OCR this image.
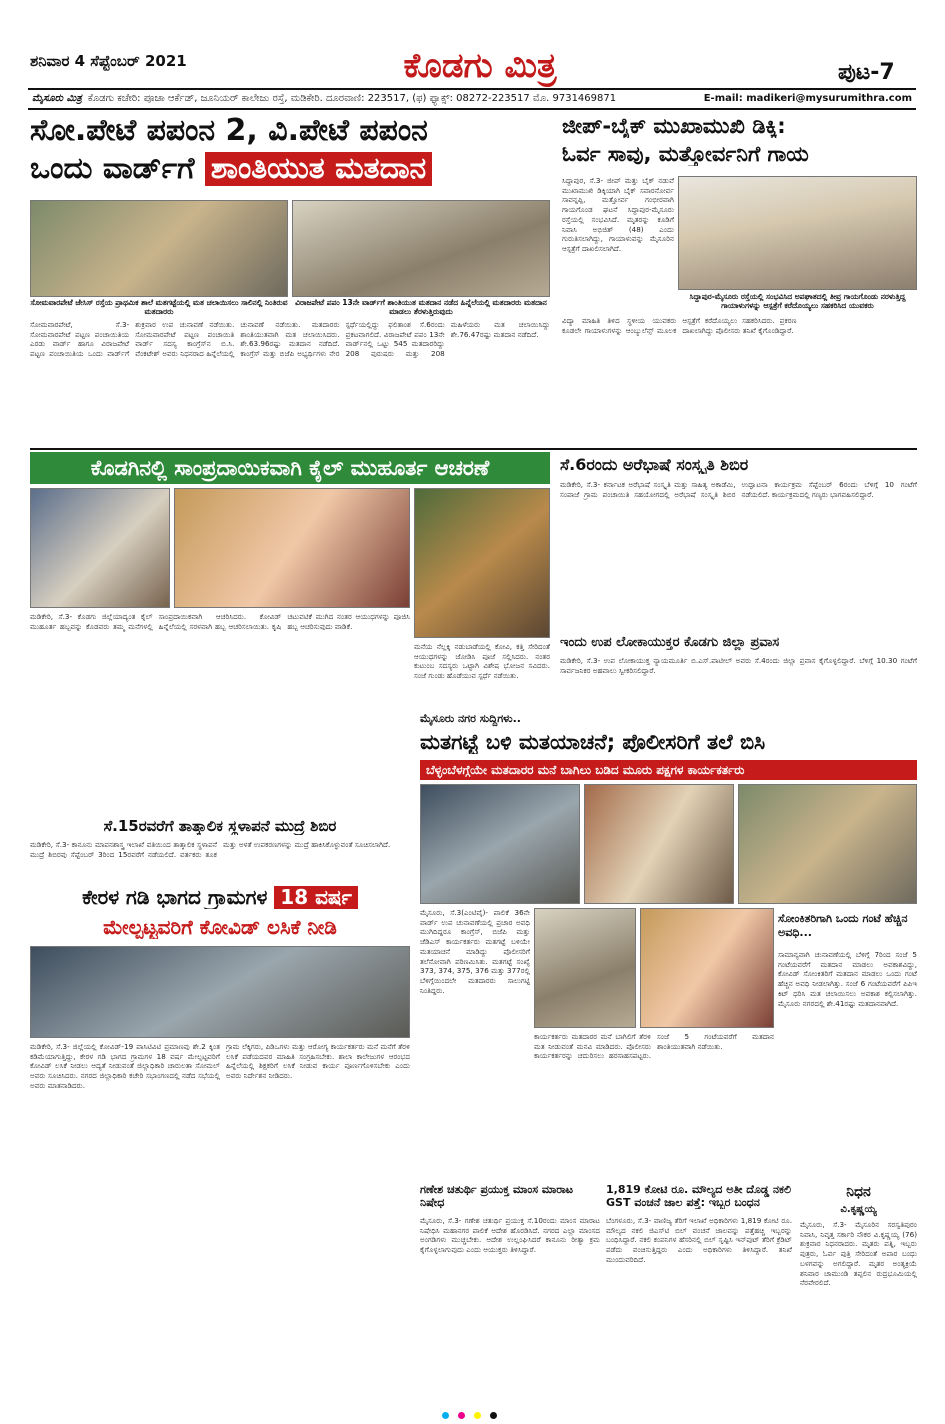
ಶನಿವಾರ 4 ಸೆಪ್ಟೆಂಬರ್ 2021	ಕೊಡಗು ಮಿತ್ರ	ಪುಟ-7
ಮೈಸೂರು ಮಿತ್ರ ಕೊಡಗು ಕಚೇರಿ: ಪೂಜಾ ಆರ್ಕೆಡ್, ಜೂನಿಯರ್ ಕಾಲೇಜು ರಸ್ತೆ, ಮಡಿಕೇರಿ. ದೂರವಾಣಿ: 223517, (ಫ) ಫ್ಯಾಕ್ಸ್: 08272-223517 ಮೊ. 9731469871	E-mail: madikeri@mysurumithra.com
ಸೋ.ಪೇಟೆ ಪಪಂನ 2, ವಿ.ಪೇಟೆ ಪಪಂನ
ಒಂದು ವಾರ್ಡ್‌ಗೆ ಶಾಂತಿಯುತ ಮತದಾನ
ಸೋಮವಾರಪೇಟೆ ಜೇಸಿಸ್ ರಸ್ತೆಯ ಪ್ರಾಥಮಿಕ ಶಾಲೆ ಮತಗಟ್ಟೆಯಲ್ಲಿ ಮತ ಚಲಾಯಿಸಲು ಸಾಲಿನಲ್ಲಿ ನಿಂತಿರುವ ಮತದಾರರು
ವಿರಾಜಪೇಟೆ ಪಪಂ 13ನೇ ವಾರ್ಡ್‌ಗೆ ಶಾಂತಿಯುತ ಮತದಾನ ನಡೆದ ಹಿನ್ನೆಲೆಯಲ್ಲಿ ಮತದಾರರು ಮತದಾನ ಮಾಡಲು ತೆರಳುತ್ತಿರುವುದು
ಸೋಮವಾರಪೇಟೆ, ಸೆ.3- ಸೋಮವಾರಪೇಟೆ ಪಟ್ಟಣ ಪಂಚಾಯಿತಿಯ ಎರಡು ವಾರ್ಡ್ ಹಾಗೂ ವಿರಾಜಪೇಟೆ ಪಟ್ಟಣ ಪಂಚಾಯಿತಿಯ ಒಂದು ವಾರ್ಡ್‌ಗೆ ಶುಕ್ರವಾರ ಉಪ ಚುನಾವಣೆ ನಡೆಯಿತು. ಸೋಮವಾರಪೇಟೆ ಪಟ್ಟಣ ಪಂಚಾಯಿತಿ ವಾರ್ಡ್ ಸದಸ್ಯ ಕಾಂಗ್ರೆಸ್‌ನ ಬಿ.ಸಿ. ವೆಂಕಟೇಶ್ ಅವರು ನಿಧನರಾದ ಹಿನ್ನೆಲೆಯಲ್ಲಿ ಚುನಾವಣೆ ನಡೆಯಿತು. ಮತದಾರರು ಶಾಂತಿಯುತವಾಗಿ ಮತ ಚಲಾಯಿಸಿದರು. ಶೇ.63.96ರಷ್ಟು ಮತದಾನ ನಡೆದಿದೆ. ಕಾಂಗ್ರೆಸ್ ಮತ್ತು ಬಿಜೆಪಿ ಅಭ್ಯರ್ಥಿಗಳು ನೇರ ಸ್ಪರ್ಧೆಯಲ್ಲಿದ್ದು ಫಲಿತಾಂಶ ಸೆ.6ರಂದು ಪ್ರಕಟವಾಗಲಿದೆ. ವಿರಾಜಪೇಟೆ ಪಪಂ 13ನೇ ವಾರ್ಡ್‌ನಲ್ಲಿ ಒಟ್ಟು 545 ಮತದಾರರಿದ್ದು 208 ಪುರುಷರು ಮತ್ತು 208 ಮಹಿಳೆಯರು ಮತ ಚಲಾಯಿಸಿದ್ದು ಶೇ.76.47ರಷ್ಟು ಮತದಾನ ನಡೆದಿದೆ.
ಜೀಪ್-ಬೈಕ್ ಮುಖಾಮುಖಿ ಡಿಕ್ಕಿ:
ಓರ್ವ ಸಾವು, ಮತ್ತೋರ್ವನಿಗೆ ಗಾಯ
ಸಿದ್ದಾಪುರ, ಸೆ.3- ಜೀಪ್ ಮತ್ತು ಬೈಕ್ ನಡುವೆ ಮುಖಾಮುಖಿ ಡಿಕ್ಕಿಯಾಗಿ ಬೈಕ್ ಸವಾರನೋರ್ವ ಸಾವನ್ನಪ್ಪಿ, ಮತ್ತೋರ್ವ ಗಂಭೀರವಾಗಿ ಗಾಯಗೊಂಡ ಘಟನೆ ಸಿದ್ದಾಪುರ-ಮೈಸೂರು ರಸ್ತೆಯಲ್ಲಿ ಸಂಭವಿಸಿದೆ. ಮೃತರನ್ನು ಕೂಡಿಗೆ ನಿವಾಸಿ ಅಭಿಜಿತ್ (48) ಎಂದು ಗುರುತಿಸಲಾಗಿದ್ದು, ಗಾಯಾಳುವನ್ನು ಮೈಸೂರಿನ ಆಸ್ಪತ್ರೆಗೆ ದಾಖಲಿಸಲಾಗಿದೆ.
ಸಿದ್ದಾಪುರ-ಮೈಸೂರು ರಸ್ತೆಯಲ್ಲಿ ಸಂಭವಿಸಿದ ಅಪಘಾತದಲ್ಲಿ ತೀವ್ರ ಗಾಯಗೊಂಡು ನರಳುತ್ತಿದ್ದ ಗಾಯಾಳುಗಳನ್ನು ಆಸ್ಪತ್ರೆಗೆ ಕರೆದೊಯ್ಯಲು ಸಹಕರಿಸಿದ ಯುವಕರು
ವಿದ್ಯಾ ಮಾಹಿತಿ ತಿಳಿದ ಸ್ಥಳೀಯ ಯುವಕರು ಕೂಡಲೇ ಗಾಯಾಳುಗಳನ್ನು ಆಂಬ್ಯುಲೆನ್ಸ್ ಮೂಲಕ ಆಸ್ಪತ್ರೆಗೆ ಕರೆದೊಯ್ಯಲು ಸಹಕರಿಸಿದರು. ಪ್ರಕರಣ ದಾಖಲಾಗಿದ್ದು ಪೊಲೀಸರು ತನಿಖೆ ಕೈಗೊಂಡಿದ್ದಾರೆ.
ಕೊಡಗಿನಲ್ಲಿ ಸಾಂಪ್ರದಾಯಿಕವಾಗಿ ಕೈಲ್ ಮುಹೂರ್ತ ಆಚರಣೆ
ಮಡಿಕೇರಿ, ಸೆ.3- ಕೊಡಗು ಜಿಲ್ಲೆಯಾದ್ಯಂತ ಕೈಲ್ ಮುಹೂರ್ತ ಹಬ್ಬವನ್ನು ಕೊಡವರು ತಮ್ಮ ಮನೆಗಳಲ್ಲಿ ಸಾಂಪ್ರದಾಯಿಕವಾಗಿ ಆಚರಿಸಿದರು. ಕೋವಿಡ್ ಹಿನ್ನೆಲೆಯಲ್ಲಿ ಸರಳವಾಗಿ ಹಬ್ಬ ಆಚರಿಸಲಾಯಿತು. ಕೃಷಿ ಚಟುವಟಿಕೆ ಮುಗಿದ ನಂತರ ಆಯುಧಗಳನ್ನು ಪೂಜಿಸಿ ಹಬ್ಬ ಆಚರಿಸುವುದು ವಾಡಿಕೆ.
ಮನೆಯ ನೆಲ್ಲಕ್ಕಿ ನಡುಬಾಡೆಯಲ್ಲಿ ಕೋವಿ, ಕತ್ತಿ ಸೇರಿದಂತೆ ಆಯುಧಗಳನ್ನು ಜೋಡಿಸಿ ಪೂಜೆ ಸಲ್ಲಿಸಿದರು. ನಂತರ ಕುಟುಂಬ ಸದಸ್ಯರು ಒಟ್ಟಾಗಿ ವಿಶೇಷ ಭೋಜನ ಸವಿದರು. ಸಂಜೆ ಗುಂಡು ಹೊಡೆಯುವ ಸ್ಪರ್ಧೆ ನಡೆಯಿತು.
ಸೆ.6ರಂದು ಅರೆಭಾಷೆ ಸಂಸ್ಕೃತಿ ಶಿಬಿರ
ಮಡಿಕೇರಿ, ಸೆ.3- ಕರ್ನಾಟಕ ಅರೆಭಾಷೆ ಸಂಸ್ಕೃತಿ ಮತ್ತು ಸಾಹಿತ್ಯ ಅಕಾಡೆಮಿ, ಸಂಪಾಜೆ ಗ್ರಾಮ ಪಂಚಾಯಿತಿ ಸಹಯೋಗದಲ್ಲಿ ಅರೆಭಾಷೆ ಸಂಸ್ಕೃತಿ ಶಿಬಿರ ಉದ್ಘಾಟನಾ ಕಾರ್ಯಕ್ರಮ ಸೆಪ್ಟೆಂಬರ್ 6ರಂದು ಬೆಳಿಗ್ಗೆ 10 ಗಂಟೆಗೆ ನಡೆಯಲಿದೆ. ಕಾರ್ಯಕ್ರಮದಲ್ಲಿ ಗಣ್ಯರು ಭಾಗವಹಿಸಲಿದ್ದಾರೆ.
ಇಂದು ಉಪ ಲೋಕಾಯುಕ್ತರ ಕೊಡಗು ಜಿಲ್ಲಾ ಪ್ರವಾಸ
ಮಡಿಕೇರಿ, ಸೆ.3- ಉಪ ಲೋಕಾಯುಕ್ತ ನ್ಯಾಯಮೂರ್ತಿ ಬಿ.ಎಸ್.ಪಾಟೀಲ್ ಅವರು ಸೆ.4ರಂದು ಜಿಲ್ಲಾ ಪ್ರವಾಸ ಕೈಗೊಳ್ಳಲಿದ್ದಾರೆ. ಬೆಳಿಗ್ಗೆ 10.30 ಗಂಟೆಗೆ ಸಾರ್ವಜನಿಕರ ಅಹವಾಲು ಸ್ವೀಕರಿಸಲಿದ್ದಾರೆ.
ಮೈಸೂರು ನಗರ ಸುದ್ದಿಗಳು..
ಮತಗಟ್ಟೆ ಬಳಿ ಮತಯಾಚನೆ; ಪೊಲೀಸರಿಗೆ ತಲೆ ಬಿಸಿ
ಬೆಳ್ಳಂಬೆಳಗ್ಗೆಯೇ ಮತದಾರರ ಮನೆ ಬಾಗಿಲು ಬಡಿದ ಮೂರು ಪಕ್ಷಗಳ ಕಾರ್ಯಕರ್ತರು
ಮೈಸೂರು, ಸೆ.3(ಎಂಟಿವೈ)- ಪಾಲಿಕೆ 36ನೇ ವಾರ್ಡ್ ಉಪ ಚುನಾವಣೆಯಲ್ಲಿ ಪ್ರಚಾರ ಅವಧಿ ಮುಗಿದಿದ್ದರೂ ಕಾಂಗ್ರೆಸ್, ಬಿಜೆಪಿ ಮತ್ತು ಜೆಡಿಎಸ್ ಕಾರ್ಯಕರ್ತರು ಮತಗಟ್ಟೆ ಬಳಿಯೇ ಮತಯಾಚನೆ ಮಾಡಿದ್ದು ಪೊಲೀಸರಿಗೆ ತಲೆನೋವಾಗಿ ಪರಿಣಮಿಸಿತು. ಮತಗಟ್ಟೆ ಸಂಖ್ಯೆ 373, 374, 375, 376 ಮತ್ತು 377ರಲ್ಲಿ ಬೆಳಿಗ್ಗೆಯಿಂದಲೇ ಮತದಾರರು ಸಾಲುಗಟ್ಟಿ ನಿಂತಿದ್ದರು.
ಕಾರ್ಯಕರ್ತರು ಮತದಾರರ ಮನೆ ಬಾಗಿಲಿಗೆ ತೆರಳಿ ಮತ ನೀಡುವಂತೆ ಮನವಿ ಮಾಡಿದರು. ಪೊಲೀಸರು ಕಾರ್ಯಕರ್ತರನ್ನು ಚದುರಿಸಲು ಹರಸಾಹಸಪಟ್ಟರು. ಸಂಜೆ 5 ಗಂಟೆಯವರೆಗೆ ಮತದಾನ ಶಾಂತಿಯುತವಾಗಿ ನಡೆಯಿತು.
ಸೋಂಕಿತರಿಗಾಗಿ ಒಂದು ಗಂಟೆ ಹೆಚ್ಚಿನ ಅವಧಿ...
ಸಾಮಾನ್ಯವಾಗಿ ಚುನಾವಣೆಯಲ್ಲಿ ಬೆಳಿಗ್ಗೆ 7ರಿಂದ ಸಂಜೆ 5 ಗಂಟೆಯವರೆಗೆ ಮತದಾನ ಮಾಡಲು ಅವಕಾಶವಿದ್ದು, ಕೋವಿಡ್ ಸೋಂಕಿತರಿಗೆ ಮತದಾನ ಮಾಡಲು ಒಂದು ಗಂಟೆ ಹೆಚ್ಚಿನ ಅವಧಿ ನೀಡಲಾಗಿತ್ತು. ಸಂಜೆ 6 ಗಂಟೆಯವರೆಗೆ ಪಿಪಿಇ ಕಿಟ್ ಧರಿಸಿ ಮತ ಚಲಾಯಿಸಲು ಅವಕಾಶ ಕಲ್ಪಿಸಲಾಗಿತ್ತು. ಮೈಸೂರು ನಗರದಲ್ಲಿ ಶೇ.41ರಷ್ಟು ಮತದಾನವಾಗಿದೆ.
ಸೆ.15ರವರೆಗೆ ತಾತ್ಕಾಲಿಕ ಸ್ಥಳಾಪನೆ ಮುದ್ರೆ ಶಿಬಿರ
ಮಡಿಕೇರಿ, ಸೆ.3- ಕಾನೂನು ಮಾಪನಶಾಸ್ತ್ರ ಇಲಾಖೆ ವತಿಯಿಂದ ತಾತ್ಕಾಲಿಕ ಸ್ಥಳಾಪನೆ ಮುದ್ರೆ ಶಿಬಿರವು ಸೆಪ್ಟೆಂಬರ್ 3ರಿಂದ 15ರವರೆಗೆ ನಡೆಯಲಿದೆ. ವರ್ತಕರು ತೂಕ ಮತ್ತು ಅಳತೆ ಉಪಕರಣಗಳನ್ನು ಮುದ್ರೆ ಹಾಕಿಸಿಕೊಳ್ಳುವಂತೆ ಸೂಚಿಸಲಾಗಿದೆ.
ಕೇರಳ ಗಡಿ ಭಾಗದ ಗ್ರಾಮಗಳ 18 ವರ್ಷ
ಮೇಲ್ಪಟ್ಟವರಿಗೆ ಕೋವಿಡ್ ಲಸಿಕೆ ನೀಡಿ
ಮಡಿಕೇರಿ, ಸೆ.3- ಜಿಲ್ಲೆಯಲ್ಲಿ ಕೋವಿಡ್-19 ಪಾಸಿಟಿವಿಟಿ ಪ್ರಮಾಣವು ಶೇ.2 ಕ್ಕಿಂತ ಕಡಿಮೆಯಾಗುತ್ತಿದ್ದು, ಕೇರಳ ಗಡಿ ಭಾಗದ ಗ್ರಾಮಗಳ 18 ವರ್ಷ ಮೇಲ್ಪಟ್ಟವರಿಗೆ ಕೋವಿಡ್ ಲಸಿಕೆ ನೀಡಲು ಆದ್ಯತೆ ನೀಡುವಂತೆ ಜಿಲ್ಲಾಧಿಕಾರಿ ಚಾರುಲತಾ ಸೋಮಲ್ ಅವರು ಸೂಚಿಸಿದರು. ನಗರದ ಜಿಲ್ಲಾಧಿಕಾರಿ ಕಚೇರಿ ಸಭಾಂಗಣದಲ್ಲಿ ನಡೆದ ಸಭೆಯಲ್ಲಿ ಅವರು ಮಾತನಾಡಿದರು.
ಗ್ರಾಮ ಲೆಕ್ಕಿಗರು, ಪಿಡಿಒಗಳು ಮತ್ತು ಆರೋಗ್ಯ ಕಾರ್ಯಕರ್ತರು ಮನೆ ಮನೆಗೆ ತೆರಳಿ ಲಸಿಕೆ ಪಡೆಯದವರ ಮಾಹಿತಿ ಸಂಗ್ರಹಿಸಬೇಕು. ಶಾಲಾ ಕಾಲೇಜುಗಳ ಆರಂಭದ ಹಿನ್ನೆಲೆಯಲ್ಲಿ ಶಿಕ್ಷಕರಿಗೆ ಲಸಿಕೆ ನೀಡುವ ಕಾರ್ಯ ಪೂರ್ಣಗೊಳಿಸಬೇಕು ಎಂದು ಅವರು ನಿರ್ದೇಶನ ನೀಡಿದರು.
ಗಣೇಶ ಚತುರ್ಥಿ ಪ್ರಯುಕ್ತ ಮಾಂಸ ಮಾರಾಟ ನಿಷೇಧ
ಮೈಸೂರು, ಸೆ.3- ಗಣೇಶ ಚತುರ್ಥಿ ಪ್ರಯುಕ್ತ ಸೆ.10ರಂದು ಮಾಂಸ ಮಾರಾಟ ನಿಷೇಧಿಸಿ ಮಹಾನಗರ ಪಾಲಿಕೆ ಆದೇಶ ಹೊರಡಿಸಿದೆ. ನಗರದ ಎಲ್ಲಾ ಮಾಂಸದ ಅಂಗಡಿಗಳು ಮುಚ್ಚಬೇಕು. ಆದೇಶ ಉಲ್ಲಂಘಿಸಿದರೆ ಕಾನೂನು ರೀತ್ಯಾ ಕ್ರಮ ಕೈಗೊಳ್ಳಲಾಗುವುದು ಎಂದು ಆಯುಕ್ತರು ತಿಳಿಸಿದ್ದಾರೆ.
1,819 ಕೋಟಿ ರೂ. ಮೌಲ್ಯದ ಅತೀ ದೊಡ್ಡ ನಕಲಿ GST ವಂಚನೆ ಜಾಲ ಪತ್ತೆ: ಇಬ್ಬರ ಬಂಧನ
ಬೆಂಗಳೂರು, ಸೆ.3- ವಾಣಿಜ್ಯ ತೆರಿಗೆ ಇಲಾಖೆ ಅಧಿಕಾರಿಗಳು 1,819 ಕೋಟಿ ರೂ. ಮೌಲ್ಯದ ನಕಲಿ ಜಿಎಸ್‌ಟಿ ಬಿಲ್ ವಂಚನೆ ಜಾಲವನ್ನು ಪತ್ತೆಹಚ್ಚಿ ಇಬ್ಬರನ್ನು ಬಂಧಿಸಿದ್ದಾರೆ. ನಕಲಿ ಕಂಪನಿಗಳ ಹೆಸರಿನಲ್ಲಿ ಬಿಲ್ ಸೃಷ್ಟಿಸಿ ಇನ್‌ಪುಟ್ ತೆರಿಗೆ ಕ್ರೆಡಿಟ್ ಪಡೆದು ವಂಚಿಸುತ್ತಿದ್ದರು ಎಂದು ಅಧಿಕಾರಿಗಳು ತಿಳಿಸಿದ್ದಾರೆ. ತನಿಖೆ ಮುಂದುವರಿದಿದೆ.
ನಿಧನ
ವಿ.ಕೃಷ್ಣಯ್ಯ
ಮೈಸೂರು, ಸೆ.3- ಮೈಸೂರಿನ ಸರಸ್ವತಿಪುರಂ ನಿವಾಸಿ, ನಿವೃತ್ತ ಸರ್ಕಾರಿ ನೌಕರ ವಿ.ಕೃಷ್ಣಯ್ಯ (76) ಶುಕ್ರವಾರ ನಿಧನರಾದರು. ಮೃತರು ಪತ್ನಿ, ಇಬ್ಬರು ಪುತ್ರರು, ಓರ್ವ ಪುತ್ರಿ ಸೇರಿದಂತೆ ಅಪಾರ ಬಂಧು ಬಳಗವನ್ನು ಅಗಲಿದ್ದಾರೆ. ಮೃತರ ಅಂತ್ಯಕ್ರಿಯೆ ಶನಿವಾರ ಚಾಮುಂಡಿ ತಪ್ಪಲಿನ ರುದ್ರಭೂಮಿಯಲ್ಲಿ ನೆರವೇರಲಿದೆ.
